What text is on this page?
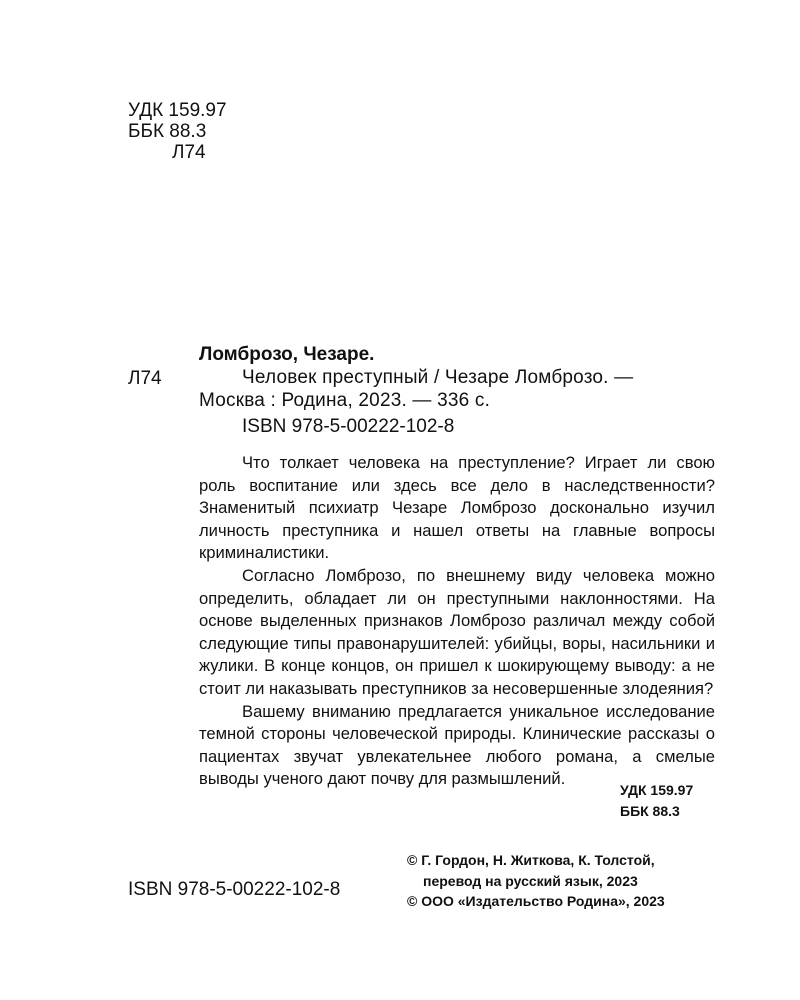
УДК 159.97
ББК 88.3
Л74
Ломброзо, Чезаре.
Л74	Человек преступный / Чезаре Ломброзо. —
Москва : Родина, 2023. — 336 с.
ISBN 978-5-00222-102-8

Что толкает человека на преступление? Играет ли свою роль воспитание или здесь все дело в наследственности? Знаменитый психиатр Чезаре Ломброзо досконально изучил личность преступника и нашел ответы на главные вопросы криминалистики.

Согласно Ломброзо, по внешнему виду человека можно определить, обладает ли он преступными наклонностями. На основе выделенных признаков Ломброзо различал между собой следующие типы правонарушителей: убийцы, воры, насильники и жулики. В конце концов, он пришел к шокирующему выводу: а не стоит ли наказывать преступников за несовершенные злодеяния?

Вашему вниманию предлагается уникальное исследование темной стороны человеческой природы. Клинические рассказы о пациентах звучат увлекательнее любого романа, а смелые выводы ученого дают почву для размышлений.

УДК 159.97
ББК 88.3
ISBN 978-5-00222-102-8
© Г. Гордон, Н. Житкова, К. Толстой,
перевод на русский язык, 2023
© ООО «Издательство Родина», 2023
